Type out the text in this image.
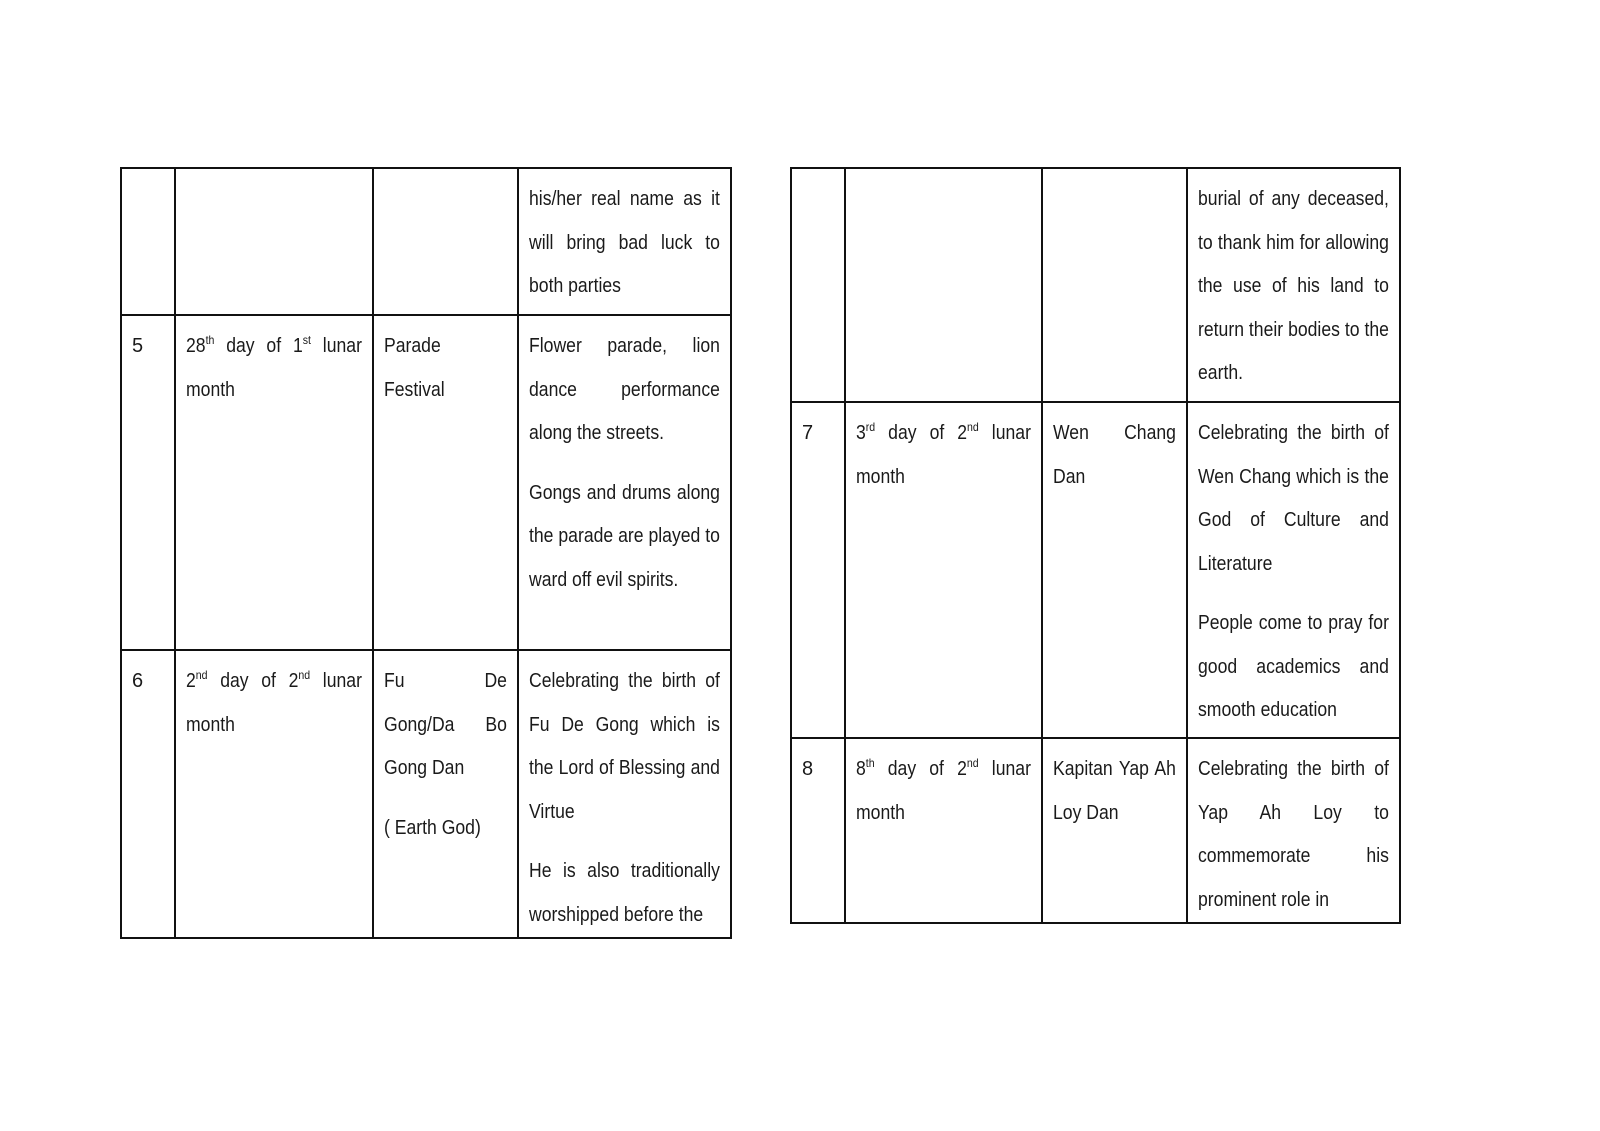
			his/her real name as it will bring bad luck to both parties

5	28th day of 1st lunar month	Parade Festival	Flower parade, lion dance performance along the streets. Gongs and drums along the parade are played to ward off evil spirits.

6	2nd day of 2nd lunar month	Fu De Gong/Da Bo Gong Dan ( Earth God)	Celebrating the birth of Fu De Gong which is the Lord of Blessing and Virtue He is also traditionally worshipped before the
			burial of any deceased, to thank him for allowing the use of his land to return their bodies to the earth.

7	3rd day of 2nd lunar month	Wen Chang Dan	Celebrating the birth of Wen Chang which is the God of Culture and Literature People come to pray for good academics and smooth education

8	8th day of 2nd lunar month	Kapitan Yap Ah Loy Dan	Celebrating the birth of Yap Ah Loy to commemorate his prominent role in
